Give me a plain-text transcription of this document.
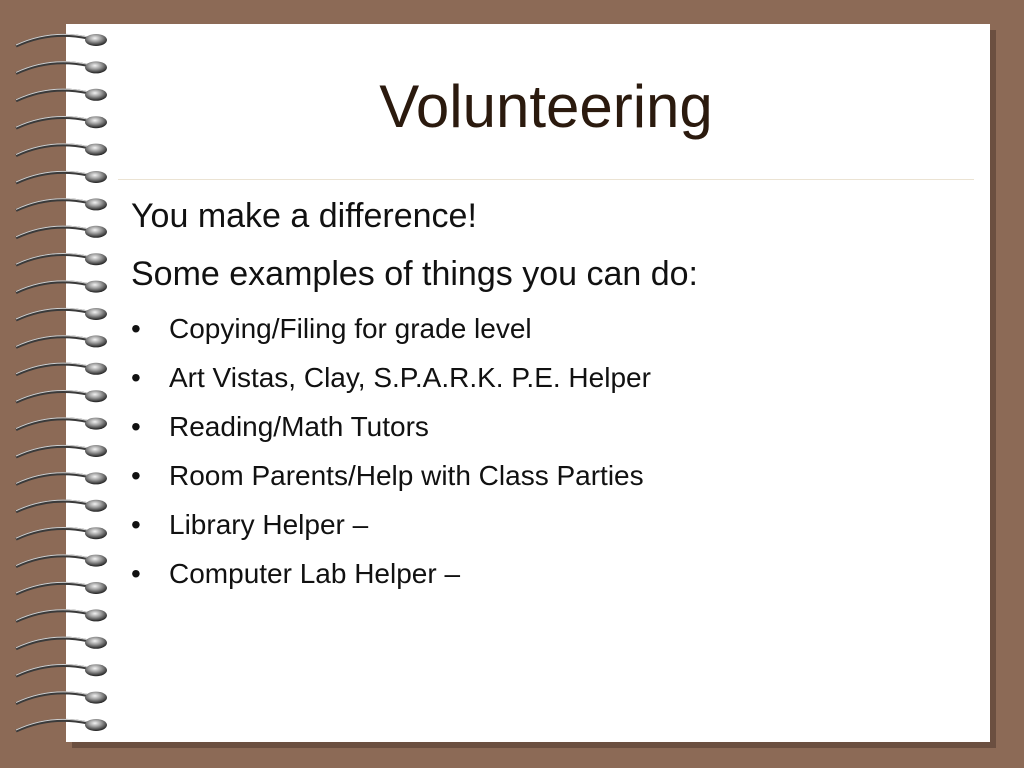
Volunteering

You make a difference!

Some examples of things you can do:

• Copying/Filing for grade level
• Art Vistas, Clay, S.P.A.R.K. P.E. Helper
• Reading/Math Tutors
• Room Parents/Help with Class Parties
• Library Helper –
• Computer Lab Helper –
